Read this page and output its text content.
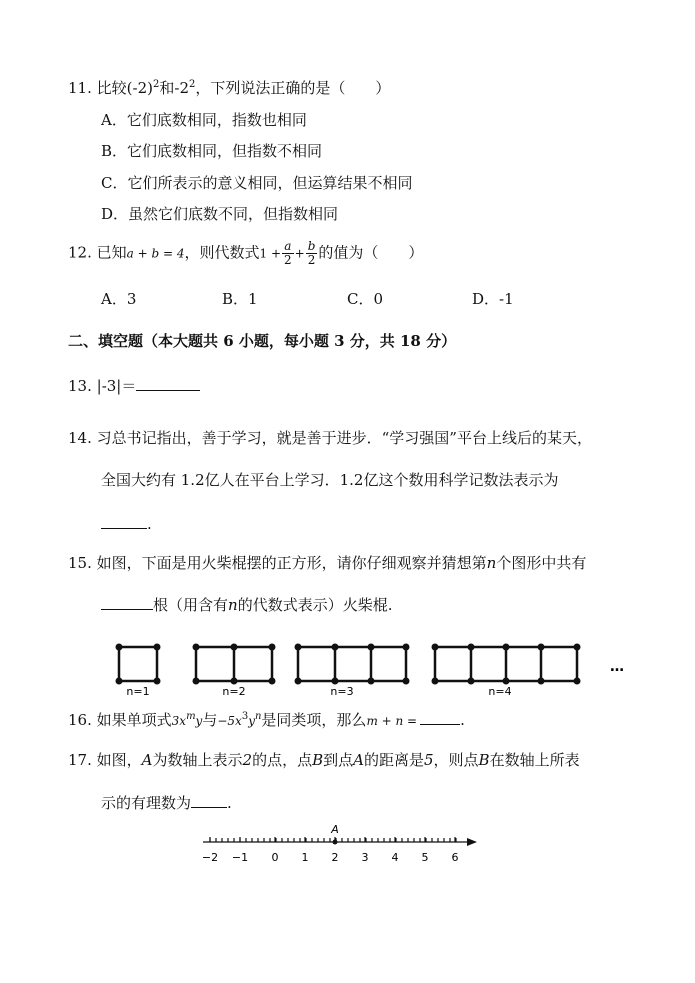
11. 比较$(-2)^2$和$-2^2$，下列说法正确的是（　　）
A．它们底数相同，指数也相同
B．它们底数相同，但指数不相同
C．它们所表示的意义相同，但运算结果不相同
D．虽然它们底数不同，但指数相同
12. 已知a + b = 4，则代数式$1 + \frac{a}{2} + \frac{b}{2}$ 的值为（　　）
A．3	B．1	C．0	D．-1
二、填空题（本大题共 6 小题，每小题 3 分，共 18 分）
13. |-3|＝
14. 习总书记指出，善于学习，就是善于进步．“学习强国”平台上线后的某天，
全国大约有 1.2亿人在平台上学习．1.2亿这个数用科学记数法表示为
.
15. 如图，下面是用火柴棍摆的正方形，请你仔细观察并猜想第n个图形中共有
根（用含有n的代数式表示）火柴棍.
n=1	n=2	n=3	n=4
…
16. 如果单项式$3x^my$与$-5x^3y^n$是同类项，那么m + n =	.
17. 如图，A为数轴上表示2的点，点B到点A的距离是5，则点B在数轴上所表
示的有理数为 .
−2 −1 0 1 2 3 4 5 6
A
